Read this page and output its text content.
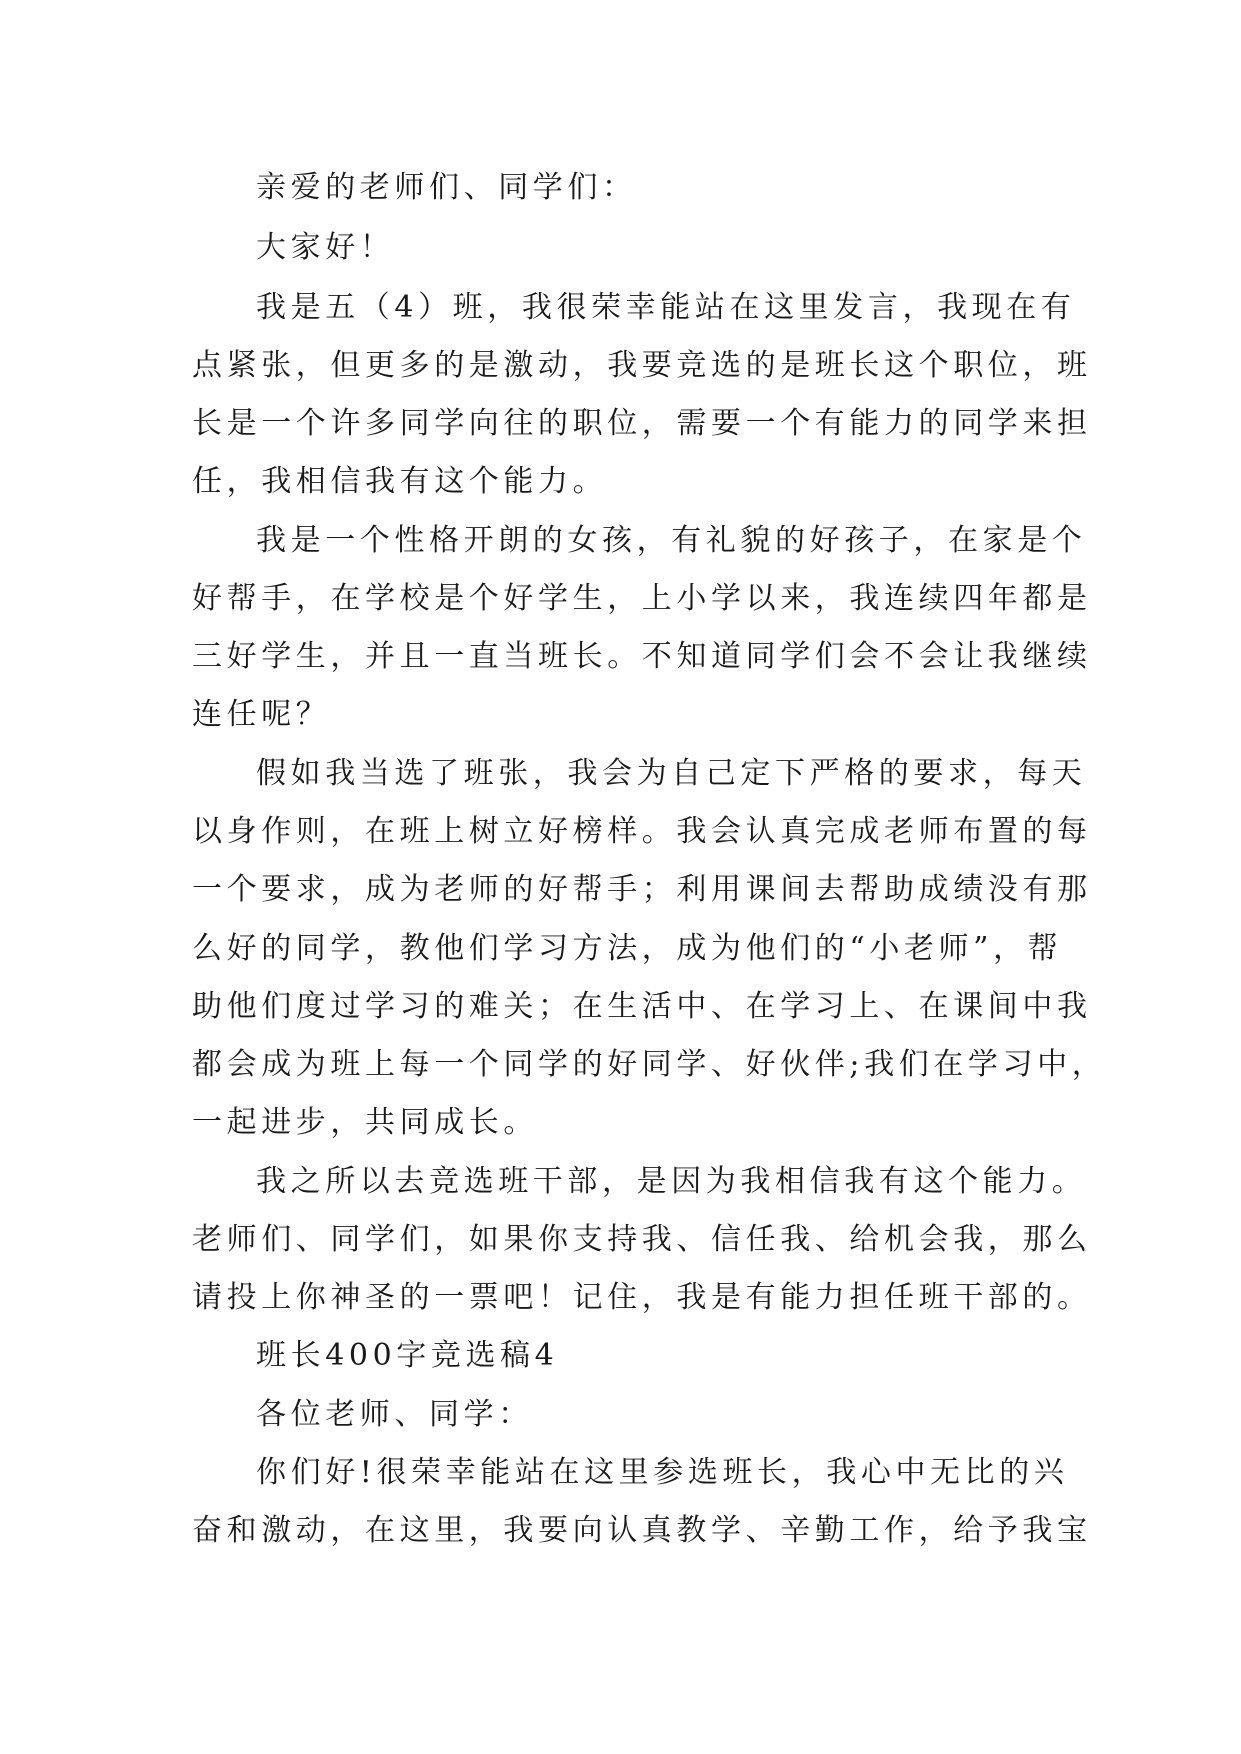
亲爱的老师们、同学们：
大家好！
我是五（4）班，我很荣幸能站在这里发言，我现在有
点紧张，但更多的是激动，我要竞选的是班长这个职位，班
长是一个许多同学向往的职位，需要一个有能力的同学来担
任，我相信我有这个能力。
我是一个性格开朗的女孩，有礼貌的好孩子，在家是个
好帮手，在学校是个好学生，上小学以来，我连续四年都是
三好学生，并且一直当班长。不知道同学们会不会让我继续
连任呢？
假如我当选了班张，我会为自己定下严格的要求，每天
以身作则，在班上树立好榜样。我会认真完成老师布置的每
一个要求，成为老师的好帮手；利用课间去帮助成绩没有那
么好的同学，教他们学习方法，成为他们的“小老师”，帮
助他们度过学习的难关；在生活中、在学习上、在课间中我
都会成为班上每一个同学的好同学、好伙伴;我们在学习中，
一起进步，共同成长。
我之所以去竞选班干部，是因为我相信我有这个能力。
老师们、同学们，如果你支持我、信任我、给机会我，那么
请投上你神圣的一票吧！记住，我是有能力担任班干部的。
班长400字竞选稿4
各位老师、同学：
你们好!很荣幸能站在这里参选班长，我心中无比的兴
奋和激动，在这里，我要向认真教学、辛勤工作，给予我宝
